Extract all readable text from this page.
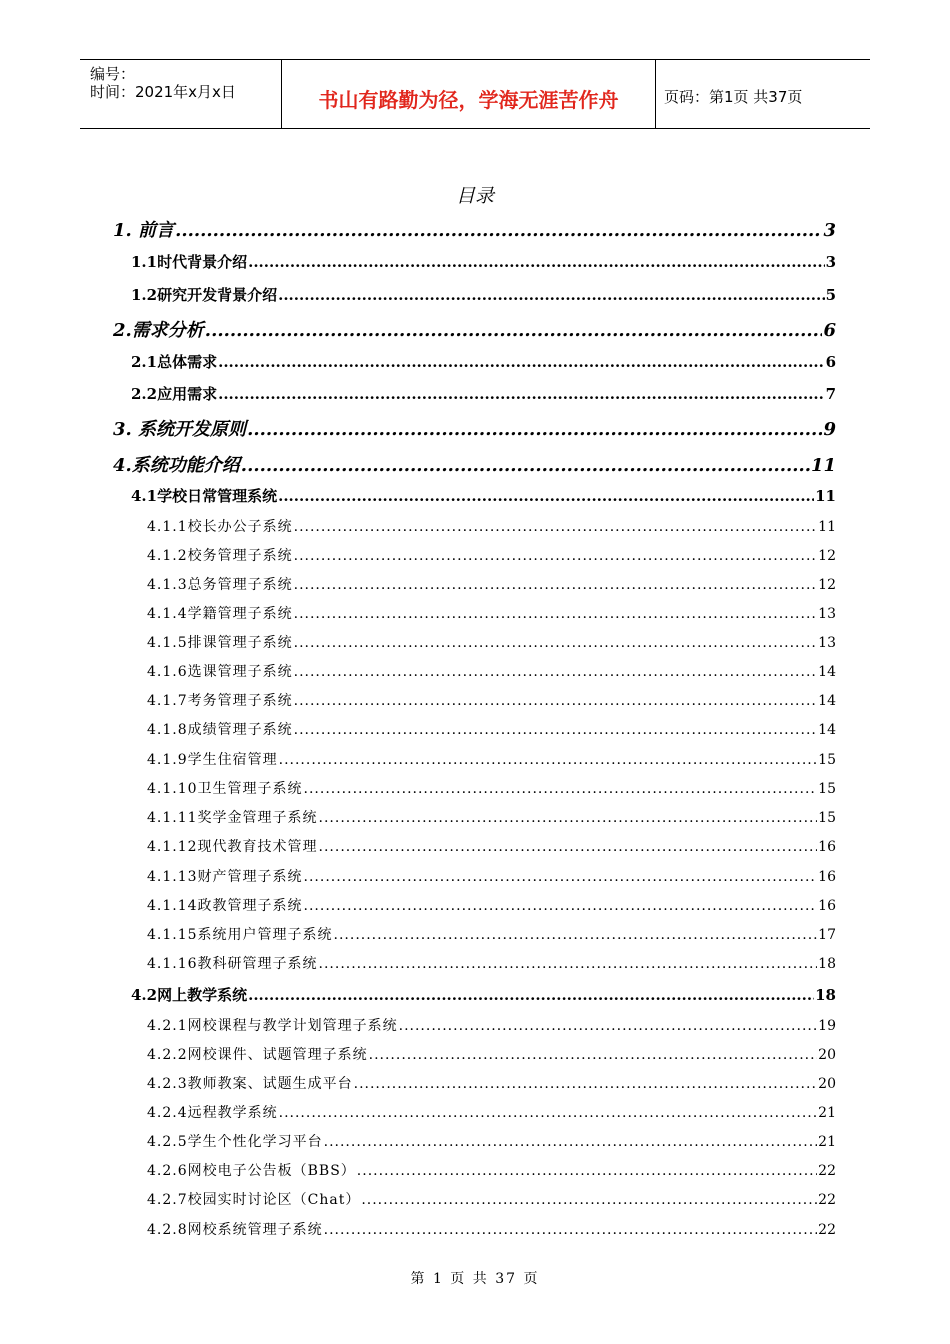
编号：
时间：2021年x月x日	书山有路勤为径，学海无涯苦作舟	页码：第1页 共37页
目录
1. 前言 .....	3
1.1时代背景介绍 .....	3
1.2研究开发背景介绍 .....	5
2.需求分析 .....	6
2.1总体需求 .....	6
2.2应用需求 .....	7
3. 系统开发原则 .....	9
4.系统功能介绍 .....	11
4.1学校日常管理系统 .....	11
4.1.1校长办公子系统 .....	11
4.1.2校务管理子系统 .....	12
4.1.3总务管理子系统 .....	12
4.1.4学籍管理子系统 .....	13
4.1.5排课管理子系统 .....	13
4.1.6选课管理子系统 .....	14
4.1.7考务管理子系统 .....	14
4.1.8成绩管理子系统 .....	14
4.1.9学生住宿管理 .....	15
4.1.10卫生管理子系统 .....	15
4.1.11奖学金管理子系统 .....	15
4.1.12现代教育技术管理 .....	16
4.1.13财产管理子系统 .....	16
4.1.14政教管理子系统 .....	16
4.1.15系统用户管理子系统 .....	17
4.1.16教科研管理子系统 .....	18
4.2网上教学系统 .....	18
4.2.1网校课程与教学计划管理子系统 .....	19
4.2.2网校课件、试题管理子系统 .....	20
4.2.3教师教案、试题生成平台 .....	20
4.2.4远程教学系统 .....	21
4.2.5学生个性化学习平台 .....	21
4.2.6网校电子公告板（BBS） .....	22
4.2.7校园实时讨论区（Chat） .....	22
4.2.8网校系统管理子系统 .....	22
第 1 页 共 37 页
